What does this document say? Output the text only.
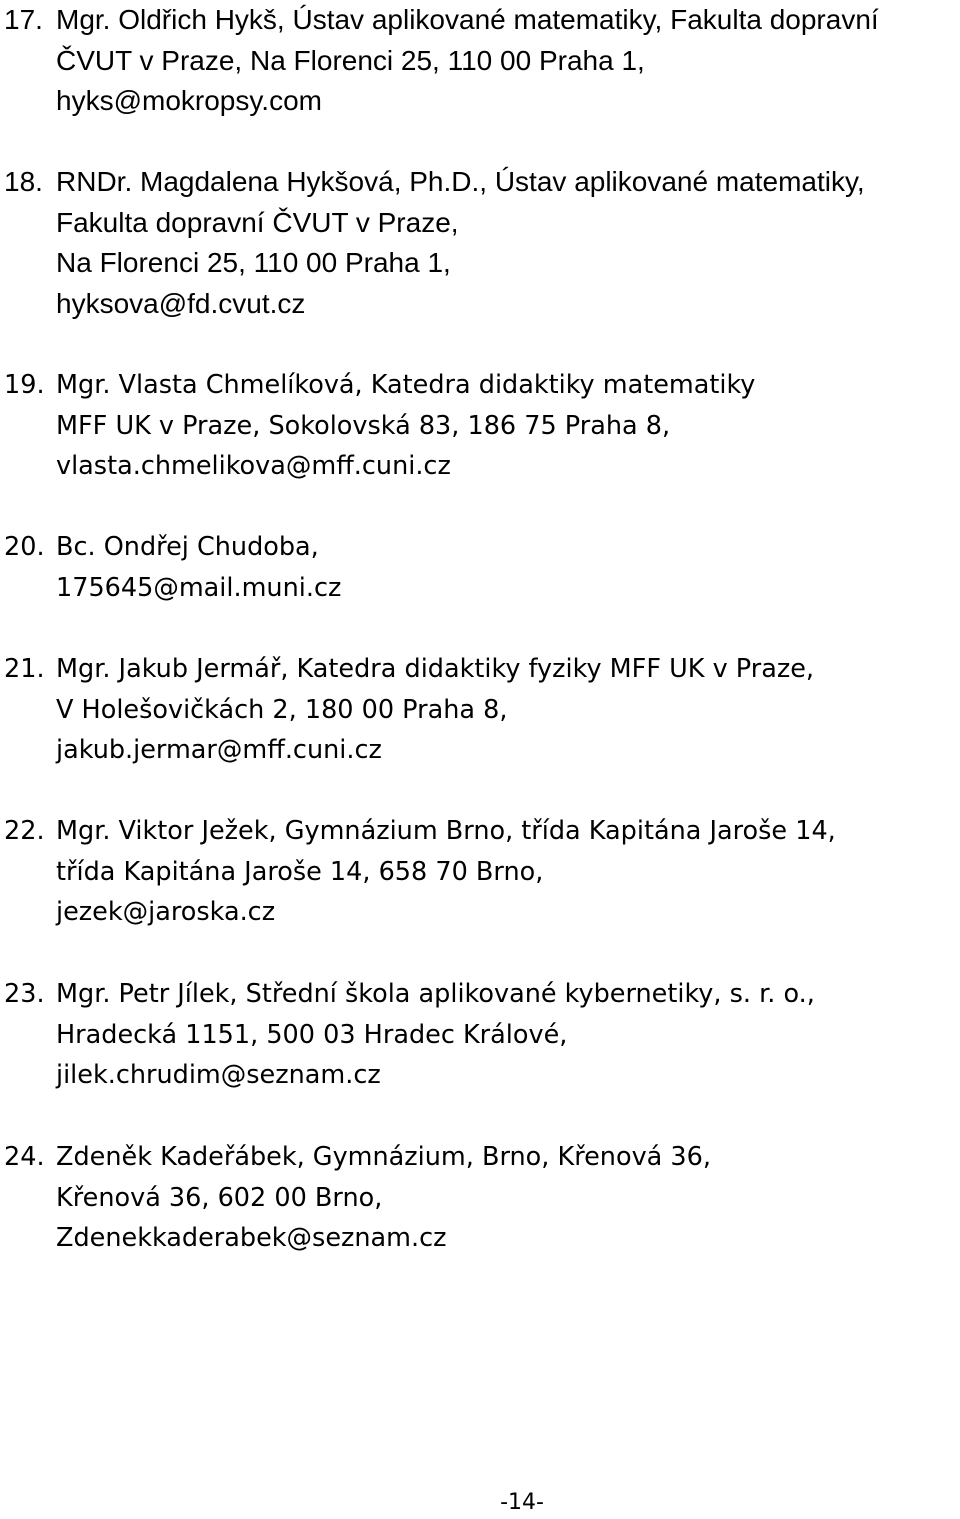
17. Mgr. Oldřich Hykš, Ústav aplikované matematiky, Fakulta dopravní
ČVUT v Praze, Na Florenci 25, 110 00 Praha 1,
hyks@mokropsy.com
18. RNDr. Magdalena Hykšová, Ph.D., Ústav aplikované matematiky,
Fakulta dopravní ČVUT v Praze,
Na Florenci 25, 110 00 Praha 1,
hyksova@fd.cvut.cz
19. Mgr. Vlasta Chmelíková, Katedra didaktiky matematiky
MFF UK v Praze, Sokolovská 83, 186 75 Praha 8,
vlasta.chmelikova@mff.cuni.cz
20. Bc. Ondřej Chudoba,
175645@mail.muni.cz
21. Mgr. Jakub Jermář, Katedra didaktiky fyziky MFF UK v Praze,
V Holešovičkách 2, 180 00 Praha 8,
jakub.jermar@mff.cuni.cz
22. Mgr. Viktor Ježek, Gymnázium Brno, třída Kapitána Jaroše 14,
třída Kapitána Jaroše 14, 658 70 Brno,
jezek@jaroska.cz
23. Mgr. Petr Jílek, Střední škola aplikované kybernetiky, s. r. o.,
Hradecká 1151, 500 03 Hradec Králové,
jilek.chrudim@seznam.cz
24. Zdeněk Kadeřábek, Gymnázium, Brno, Křenová 36,
Křenová 36, 602 00 Brno,
Zdenekkaderabek@seznam.cz
-14-
